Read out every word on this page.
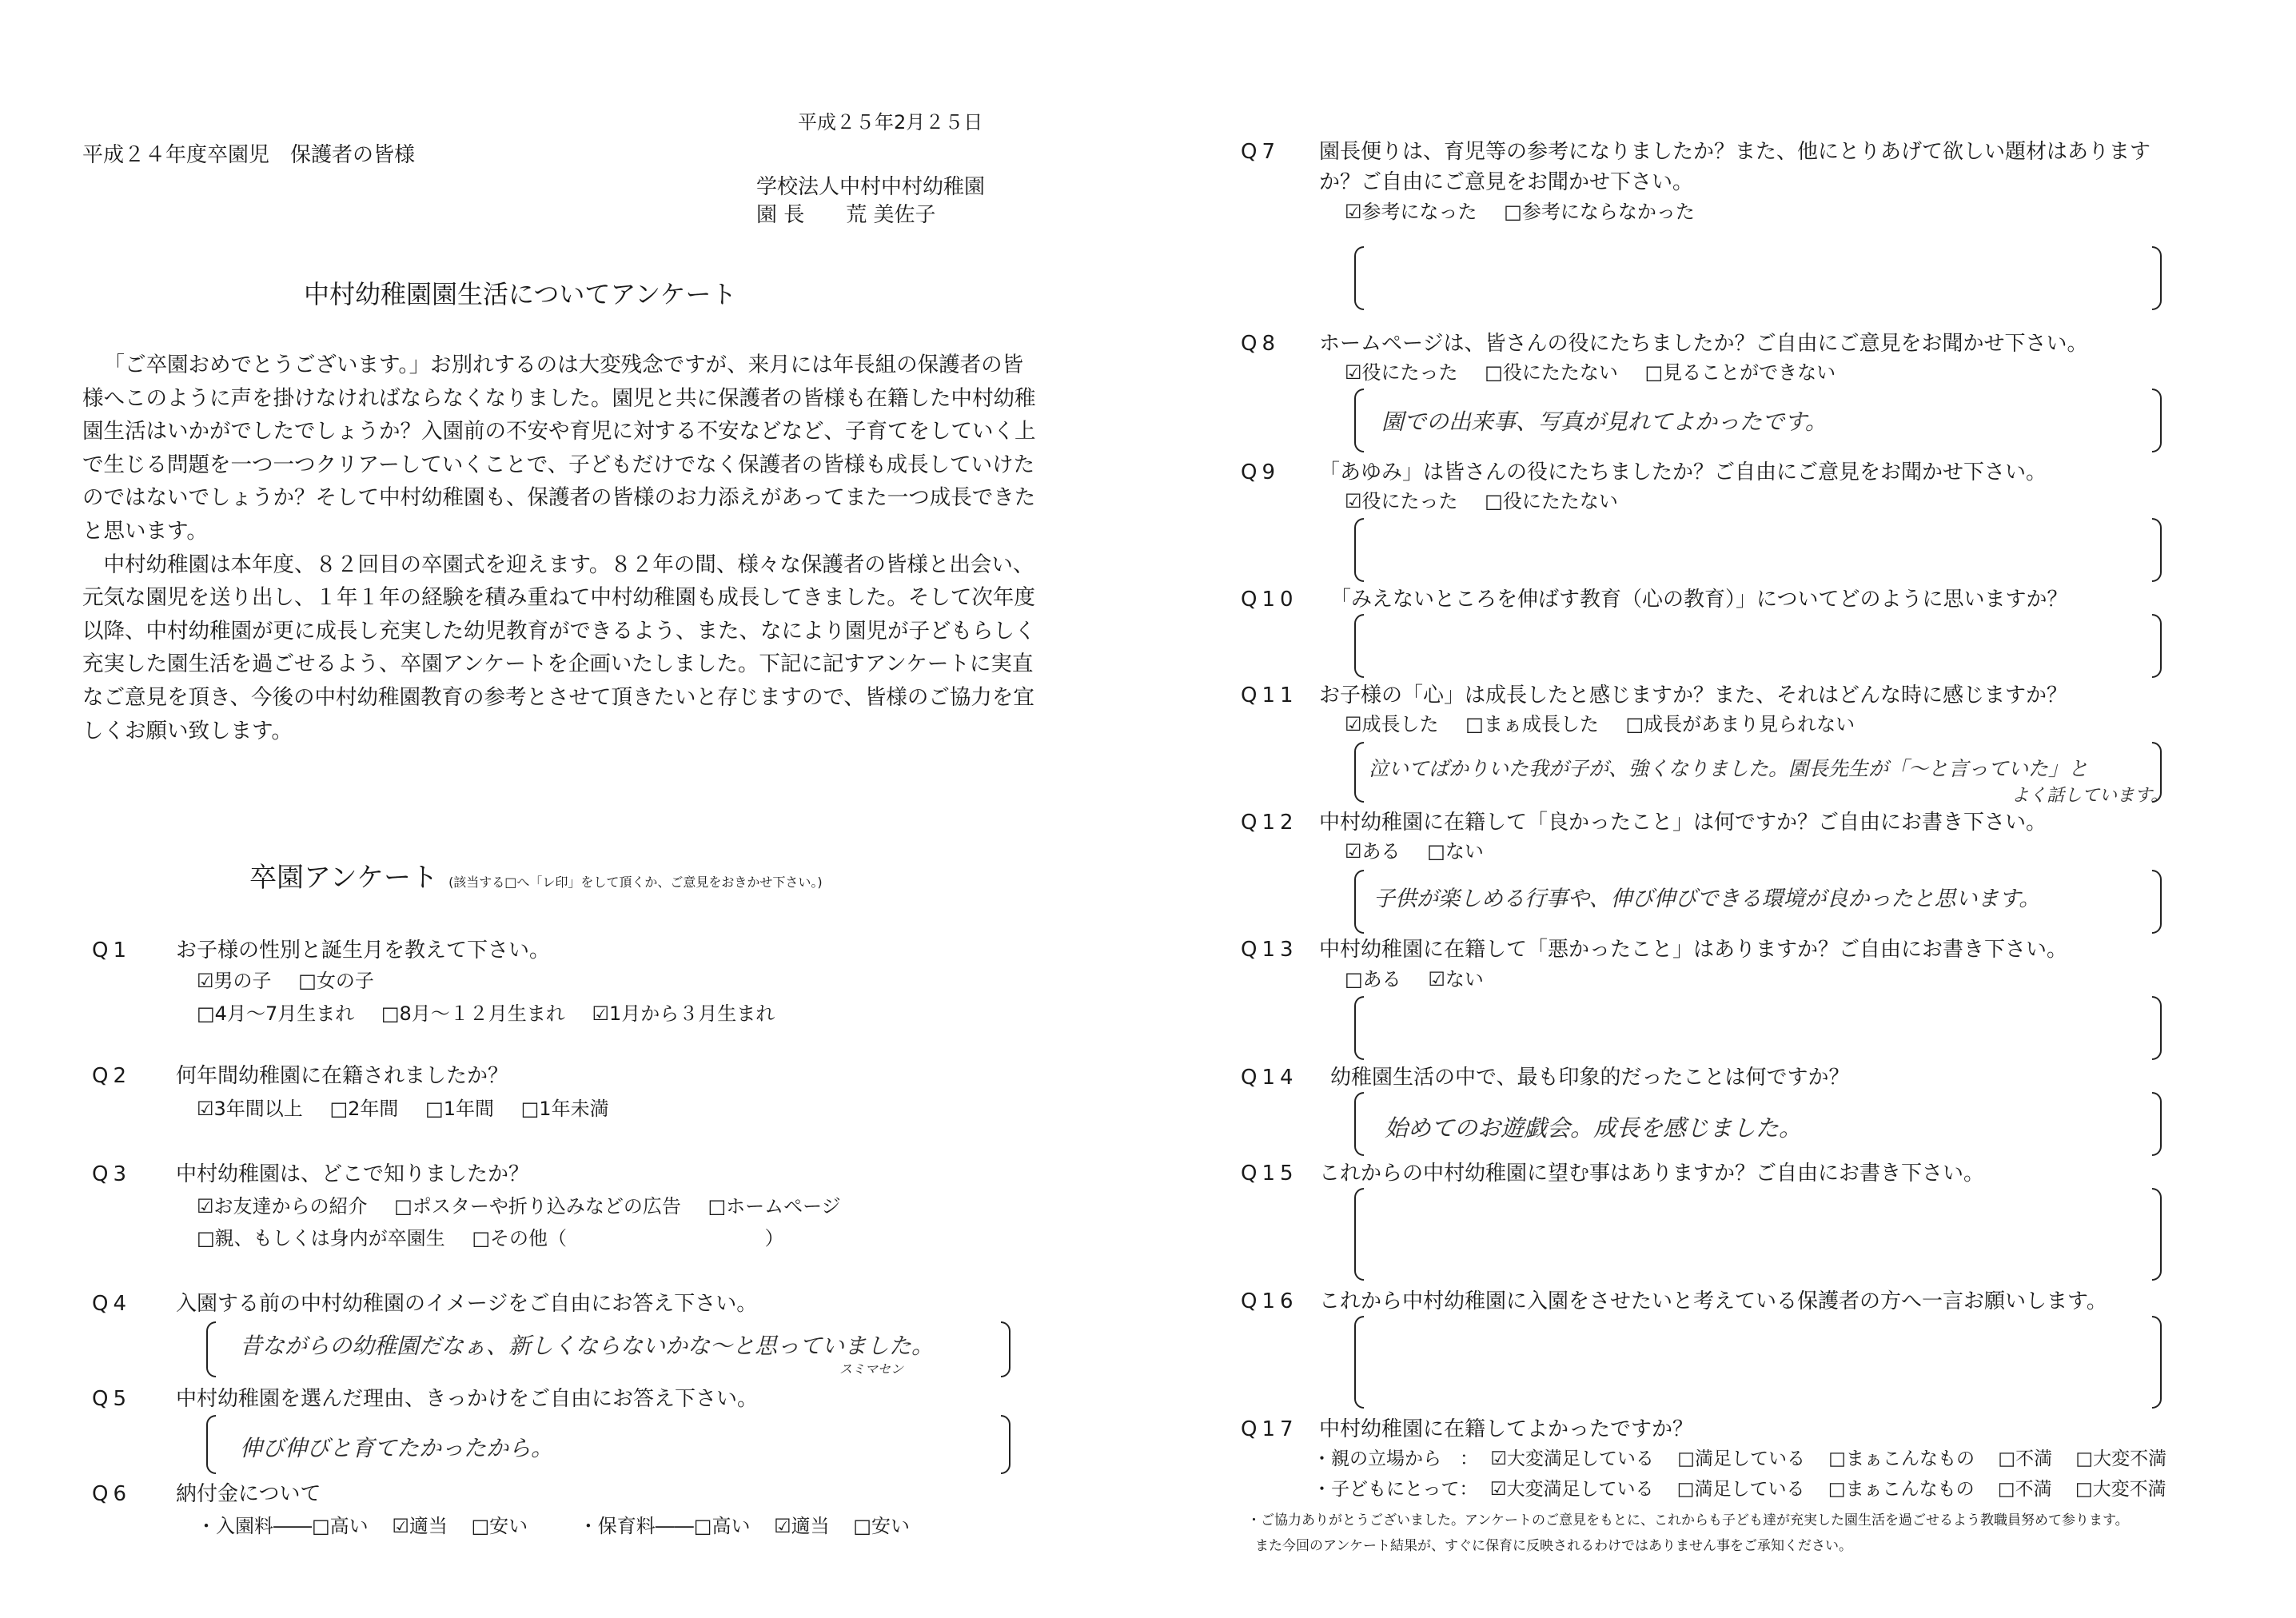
平成２５年2月２５日
平成２４年度卒園児　保護者の皆様
学校法人中村中村幼稚園
園 長　　荒 美佐子
中村幼稚園園生活についてアンケート

「ご卒園おめでとうございます。」お別れするのは大変残念ですが、来月には年長組の保護者の皆様へこのように声を掛けなければならなくなりました。園児と共に保護者の皆様も在籍した中村幼稚園生活はいかがでしたでしょうか？入園前の不安や育児に対する不安などなど、子育てをしていく上で生じる問題を一つ一つクリアーしていくことで、子どもだけでなく保護者の皆様も成長していけたのではないでしょうか？そして中村幼稚園も、保護者の皆様のお力添えがあってまた一つ成長できたと思います。

中村幼稚園は本年度、８２回目の卒園式を迎えます。８２年の間、様々な保護者の皆様と出会い、元気な園児を送り出し、１年１年の経験を積み重ねて中村幼稚園も成長してきました。そして次年度以降、中村幼稚園が更に成長し充実した幼児教育ができるよう、また、なにより園児が子どもらしく充実した園生活を過ごせるよう、卒園アンケートを企画いたしました。下記に記すアンケートに実直なご意見を頂き、今後の中村幼稚園教育の参考とさせて頂きたいと存じますので、皆様のご協力を宜しくお願い致します。

卒園アンケート (該当する□へ「レ印」をして頂くか、ご意見をおきかせ下さい。)
Q1 お子様の性別と誕生月を教えて下さい。
☑男の子 □女の子
□4月～7月生まれ □8月～１２月生まれ ☑1月から３月生まれ
Q2 何年間幼稚園に在籍されましたか？
☑3年間以上 □2年間 □1年間 □1年未満
Q3 中村幼稚園は、どこで知りましたか？
☑お友達からの紹介 □ポスターや折り込みなどの広告 □ホームページ
□親、もしくは身内が卒園生 □その他（	）
Q4 入園する前の中村幼稚園のイメージをご自由にお答え下さい。
昔ながらの幼稚園だなぁ、新しくならないかな～と思っていました。
スミマセン
Q5 中村幼稚園を選んだ理由、きっかけをご自由にお答え下さい。
伸び伸びと育てたかったから。
Q6 納付金について
・入園料――□高い ☑適当 □安い	・保育料――□高い ☑適当 □安い
Q7 園長便りは、育児等の参考になりましたか？また、他にとりあげて欲しい題材はあります
か？ご自由にご意見をお聞かせ下さい。
☑参考になった □参考にならなかった
Q8 ホームページは、皆さんの役にたちましたか？ご自由にご意見をお聞かせ下さい。
☑役にたった □役にたたない □見ることができない
園での出来事、写真が見れてよかったです。
Q9 「あゆみ」は皆さんの役にたちましたか？ご自由にご意見をお聞かせ下さい。
☑役にたった □役にたたない
Q10 「みえないところを伸ばす教育（心の教育）」についてどのように思いますか？
Q11 お子様の「心」は成長したと感じますか？また、それはどんな時に感じますか？
☑成長した □まぁ成長した □成長があまり見られない
泣いてばかりいた我が子が、強くなりました。園長先生が「～と言っていた」と
よく話しています。
Q12 中村幼稚園に在籍して「良かったこと」は何ですか？ご自由にお書き下さい。
☑ある □ない
子供が楽しめる行事や、伸び伸びできる環境が良かったと思います。
Q13 中村幼稚園に在籍して「悪かったこと」はありますか？ご自由にお書き下さい。
□ある ☑ない
Q14 幼稚園生活の中で、最も印象的だったことは何ですか？
始めてのお遊戯会。成長を感じました。
Q15 これからの中村幼稚園に望む事はありますか？ご自由にお書き下さい。
Q16 これから中村幼稚園に入園をさせたいと考えている保護者の方へ一言お願いします。
Q17 中村幼稚園に在籍してよかったですか？
・親の立場から　： ☑大変満足している □満足している □まぁこんなもの □不満 □大変不満
・子どもにとって： ☑大変満足している □満足している □まぁこんなもの □不満 □大変不満
・ご協力ありがとうございました。アンケートのご意見をもとに、これからも子ども達が充実した園生活を過ごせるよう教職員努めて参ります。
また今回のアンケート結果が、すぐに保育に反映されるわけではありません事をご承知ください。
